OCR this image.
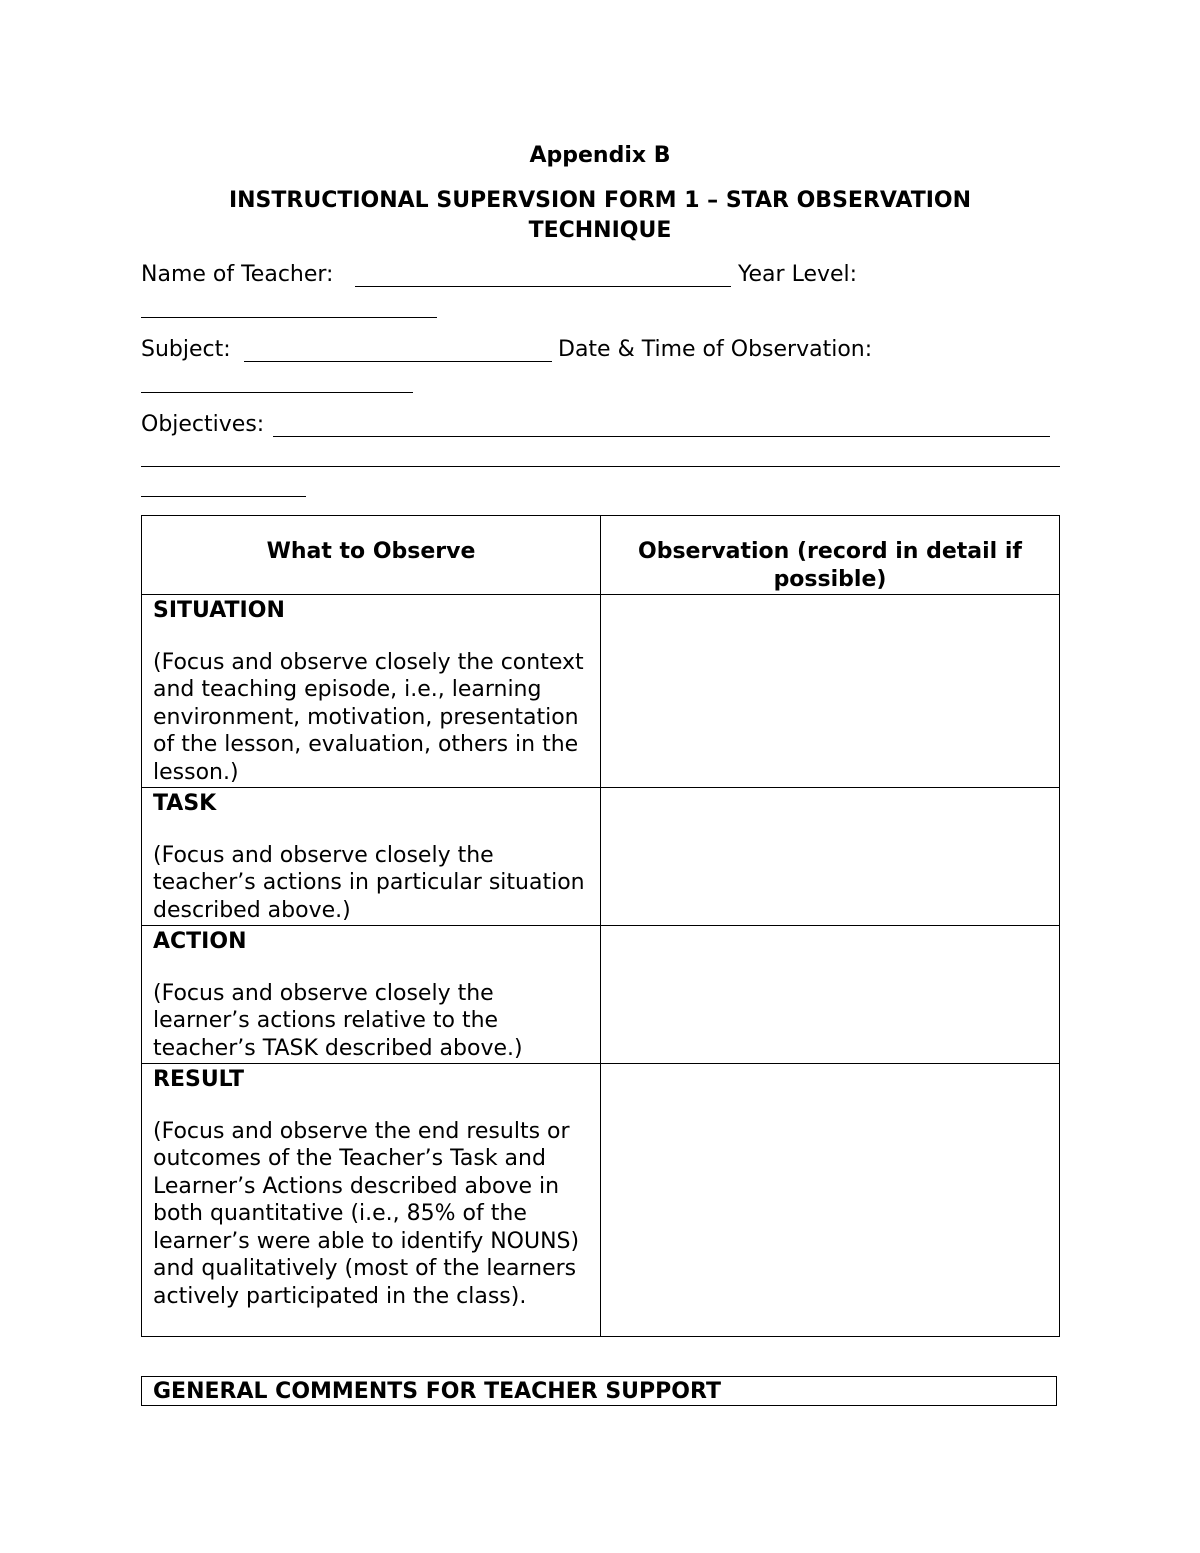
Appendix B
INSTRUCTIONAL SUPERVSION FORM 1 – STAR OBSERVATION
TECHNIQUE
Name of Teacher:	Year Level:
Subject:	Date & Time of Observation:
Objectives:
What to Observe	Observation (record in detail if possible)

SITUATION
(Focus and observe closely the context and teaching episode, i.e., learning environment, motivation, presentation of the lesson, evaluation, others in the lesson.)	

TASK
(Focus and observe closely the teacher’s actions in particular situation described above.)	

ACTION
(Focus and observe closely the learner’s actions relative to the teacher’s TASK described above.)	

RESULT
(Focus and observe the end results or outcomes of the Teacher’s Task and Learner’s Actions described above in both quantitative (i.e., 85% of the learner’s were able to identify NOUNS) and qualitatively (most of the learners actively participated in the class).	

GENERAL COMMENTS FOR TEACHER SUPPORT
